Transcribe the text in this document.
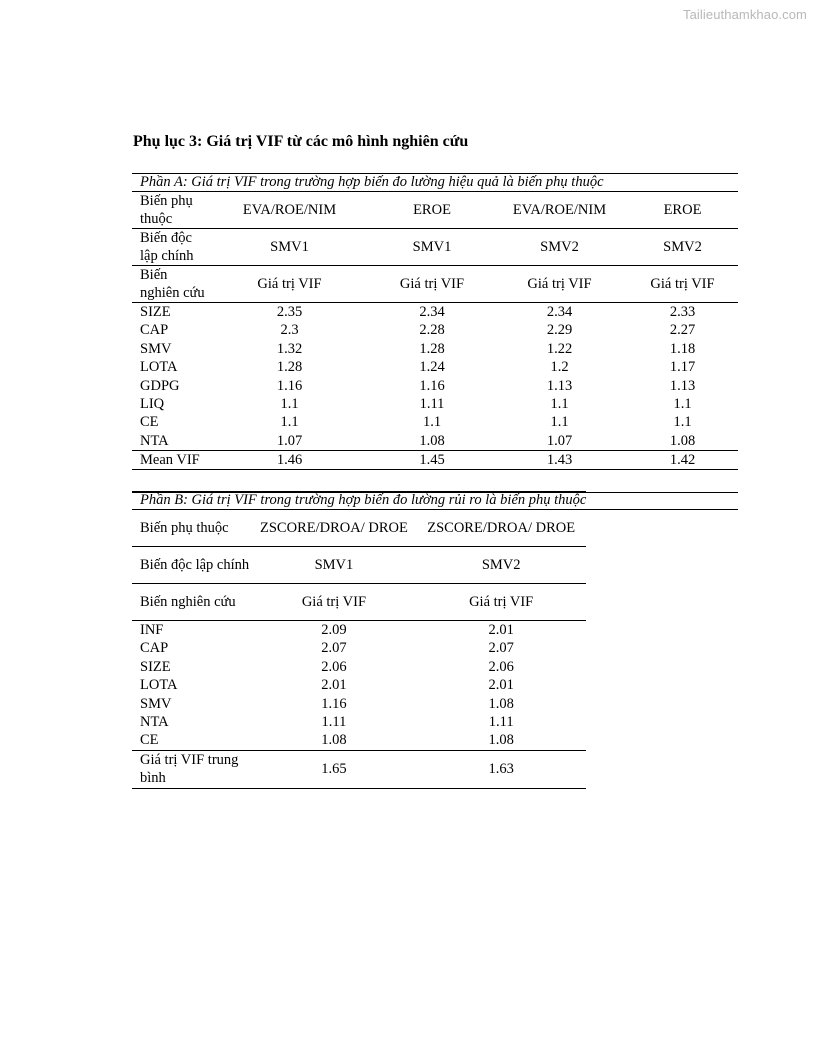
Tailieuthamkhao.com
Phụ lục 3: Giá trị VIF từ các mô hình nghiên cứu
Phần A: Giá trị VIF trong trường hợp biến đo lường hiệu quả là biến phụ thuộc				
Biến phụ thuộc	EVA/ROE/NIM	EROE	EVA/ROE/NIM	EROE
Biến độc lập chính	SMV1	SMV1	SMV2	SMV2
Biến nghiên cứu	Giá trị VIF	Giá trị VIF	Giá trị VIF	Giá trị VIF
SIZE	2.35	2.34	2.34	2.33
CAP	2.3	2.28	2.29	2.27
SMV	1.32	1.28	1.22	1.18
LOTA	1.28	1.24	1.2	1.17
GDPG	1.16	1.16	1.13	1.13
LIQ	1.1	1.11	1.1	1.1
CE	1.1	1.1	1.1	1.1
NTA	1.07	1.08	1.07	1.08
Mean VIF	1.46	1.45	1.43	1.42
Phần B: Giá trị VIF trong trường hợp biến đo lường rủi ro là biến phụ thuộc		
Biến phụ thuộc	ZSCORE/DROA/ DROE	ZSCORE/DROA/ DROE
Biến độc lập chính	SMV1	SMV2
Biến nghiên cứu	Giá trị VIF	Giá trị VIF
INF	2.09	2.01
CAP	2.07	2.07
SIZE	2.06	2.06
LOTA	2.01	2.01
SMV	1.16	1.08
NTA	1.11	1.11
CE	1.08	1.08
Giá trị VIF trung bình	1.65	1.63
